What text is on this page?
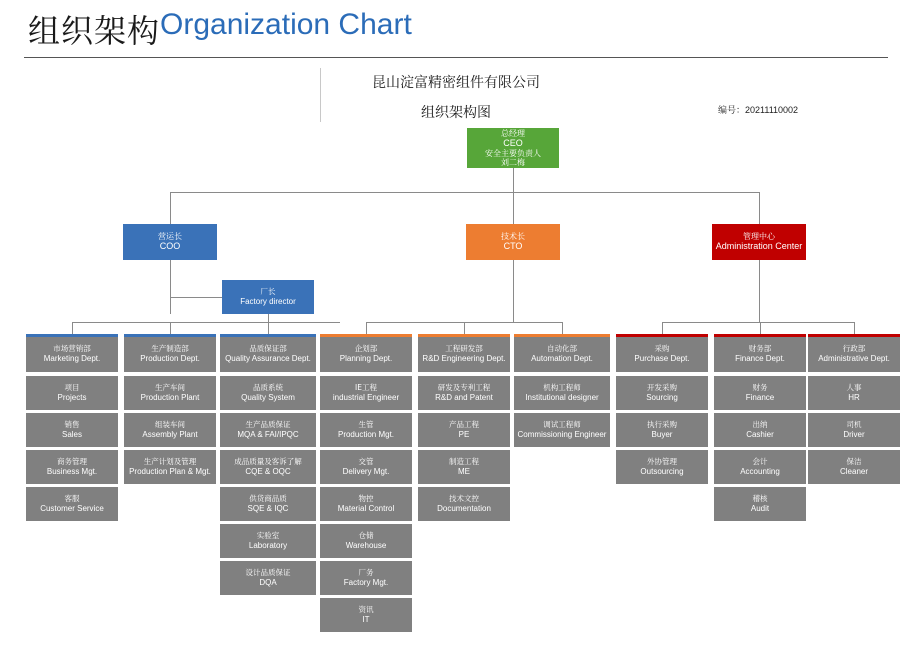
组织架构 Organization Chart
昆山淀富精密组件有限公司
组织架构图	编号：20211110002
总经理
CEO
安全主要负责人
刘二梅
营运长
COO
技术长
CTO
管理中心
Administration Center
厂长
Factory director
市场营销部
Marketing Dept.
项目
Projects
销售
Sales
商务管理
Business Mgt.
客服
Customer Service
生产制造部
Production Dept.
生产车间
Production Plant
组装车间
Assembly Plant
生产计划及管理
Production Plan & Mgt.
品质保证部
Quality Assurance Dept.
品质系统
Quality System
生产品质保证
MQA & FAI/IPQC
成品质量及客诉了解
CQE & OQC
供货商品质
SQE & IQC
实验室
Laboratory
设计品质保证
DQA
企划部
Planning Dept.
IE工程
industrial Engineer
生管
Production Mgt.
交管
Delivery Mgt.
物控
Material Control
仓储
Warehouse
厂务
Factory Mgt.
资讯
IT
工程研发部
R&D Engineering Dept.
研发及专利工程
R&D and Patent
产品工程
PE
制造工程
ME
技术文控
Documentation
自动化部
Automation Dept.
机构工程师
Institutional designer
调试工程师
Commissioning Engineer
采购
Purchase Dept.
开发采购
Sourcing
执行采购
Buyer
外协管理
Outsourcing
财务部
Finance Dept.
财务
Finance
出纳
Cashier
会计
Accounting
稽核
Audit
行政部
Administrative Dept.
人事
HR
司机
Driver
保洁
Cleaner
